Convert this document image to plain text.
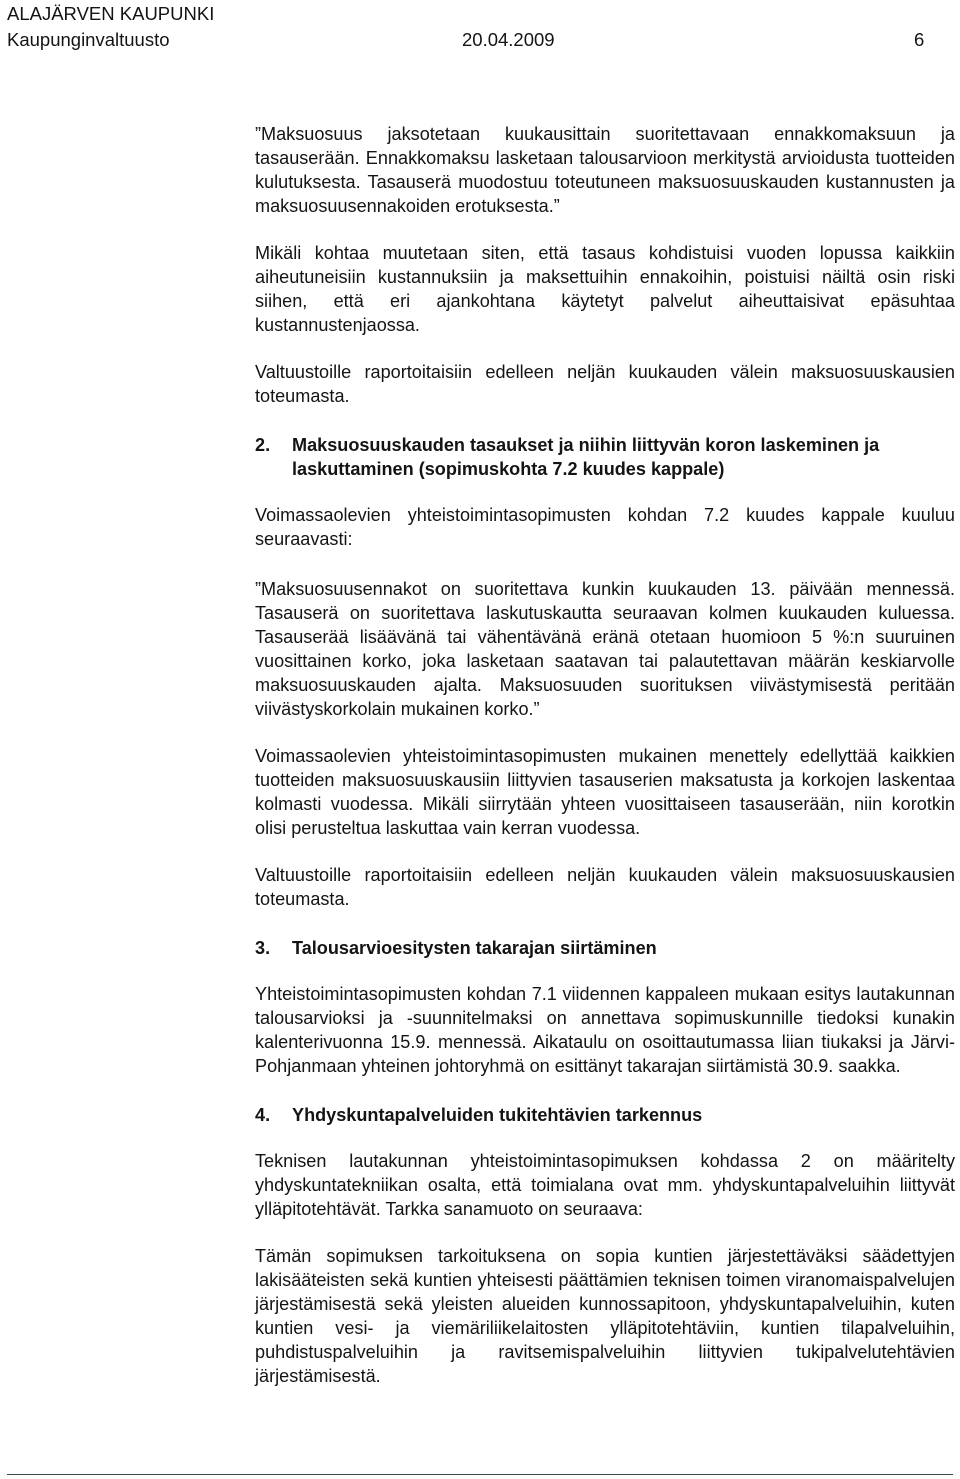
ALAJÄRVEN KAUPUNKI
Kaupunginvaltuusto	20.04.2009	6

”Maksuosuus jaksotetaan kuukausittain suoritettavaan ennakkomaksuun ja tasauserään. Ennakkomaksu lasketaan talousarvioon merkitystä arvioidusta tuotteiden kulutuksesta. Tasauserä muodostuu toteutuneen maksuosuuskauden kustannusten ja maksuosuusennakoiden erotuksesta.”

Mikäli kohtaa muutetaan siten, että tasaus kohdistuisi vuoden lopussa kaikkiin aiheutuneisiin kustannuksiin ja maksettuihin ennakoihin, poistuisi näiltä osin riski siihen, että eri ajankohtana käytetyt palvelut aiheuttaisivat epäsuhtaa kustannustenjaossa.

Valtuustoille raportoitaisiin edelleen neljän kuukauden välein maksuosuuskausien toteumasta.

2. Maksuosuuskauden tasaukset ja niihin liittyvän koron laskeminen ja laskuttaminen (sopimuskohta 7.2 kuudes kappale)

Voimassaolevien yhteistoimintasopimusten kohdan 7.2 kuudes kappale kuuluu seuraavasti:

”Maksuosuusennakot on suoritettava kunkin kuukauden 13. päivään mennessä. Tasauserä on suoritettava laskutuskautta seuraavan kolmen kuukauden kuluessa. Tasauserää lisäävänä tai vähentävänä eränä otetaan huomioon 5 %:n suuruinen vuosittainen korko, joka lasketaan saatavan tai palautettavan määrän keskiarvolle maksuosuuskauden ajalta. Maksuosuuden suorituksen viivästymisestä peritään viivästyskorkolain mukainen korko.”

Voimassaolevien yhteistoimintasopimusten mukainen menettely edellyttää kaikkien tuotteiden maksuosuuskausiin liittyvien tasauserien maksatusta ja korkojen laskentaa kolmasti vuodessa. Mikäli siirrytään yhteen vuosittaiseen tasauserään, niin korotkin olisi perusteltua laskuttaa vain kerran vuodessa.

Valtuustoille raportoitaisiin edelleen neljän kuukauden välein maksuosuuskausien toteumasta.

3. Talousarvioesitysten takarajan siirtäminen

Yhteistoimintasopimusten kohdan 7.1 viidennen kappaleen mukaan esitys lautakunnan talousarvioksi ja -suunnitelmaksi on annettava sopimuskunnille tiedoksi kunakin kalenterivuonna 15.9. mennessä. Aikataulu on osoittautumassa liian tiukaksi ja Järvi-Pohjanmaan yhteinen johtoryhmä on esittänyt takarajan siirtämistä 30.9. saakka.

4. Yhdyskuntapalveluiden tukitehtävien tarkennus

Teknisen lautakunnan yhteistoimintasopimuksen kohdassa 2 on määritelty yhdyskuntatekniikan osalta, että toimialana ovat mm. yhdyskuntapalveluihin liittyvät ylläpitotehtävät. Tarkka sanamuoto on seuraava:

Tämän sopimuksen tarkoituksena on sopia kuntien järjestettäväksi säädettyjen lakisääteisten sekä kuntien yhteisesti päättämien teknisen toimen viranomaispalvelujen järjestämisestä sekä yleisten alueiden kunnossapitoon, yhdyskuntapalveluihin, kuten kuntien vesi- ja viemäriliikelaitosten ylläpitotehtäviin, kuntien tilapalveluihin, puhdistuspalveluihin ja ravitsemispalveluihin liittyvien tukipalvelutehtävien järjestämisestä.
